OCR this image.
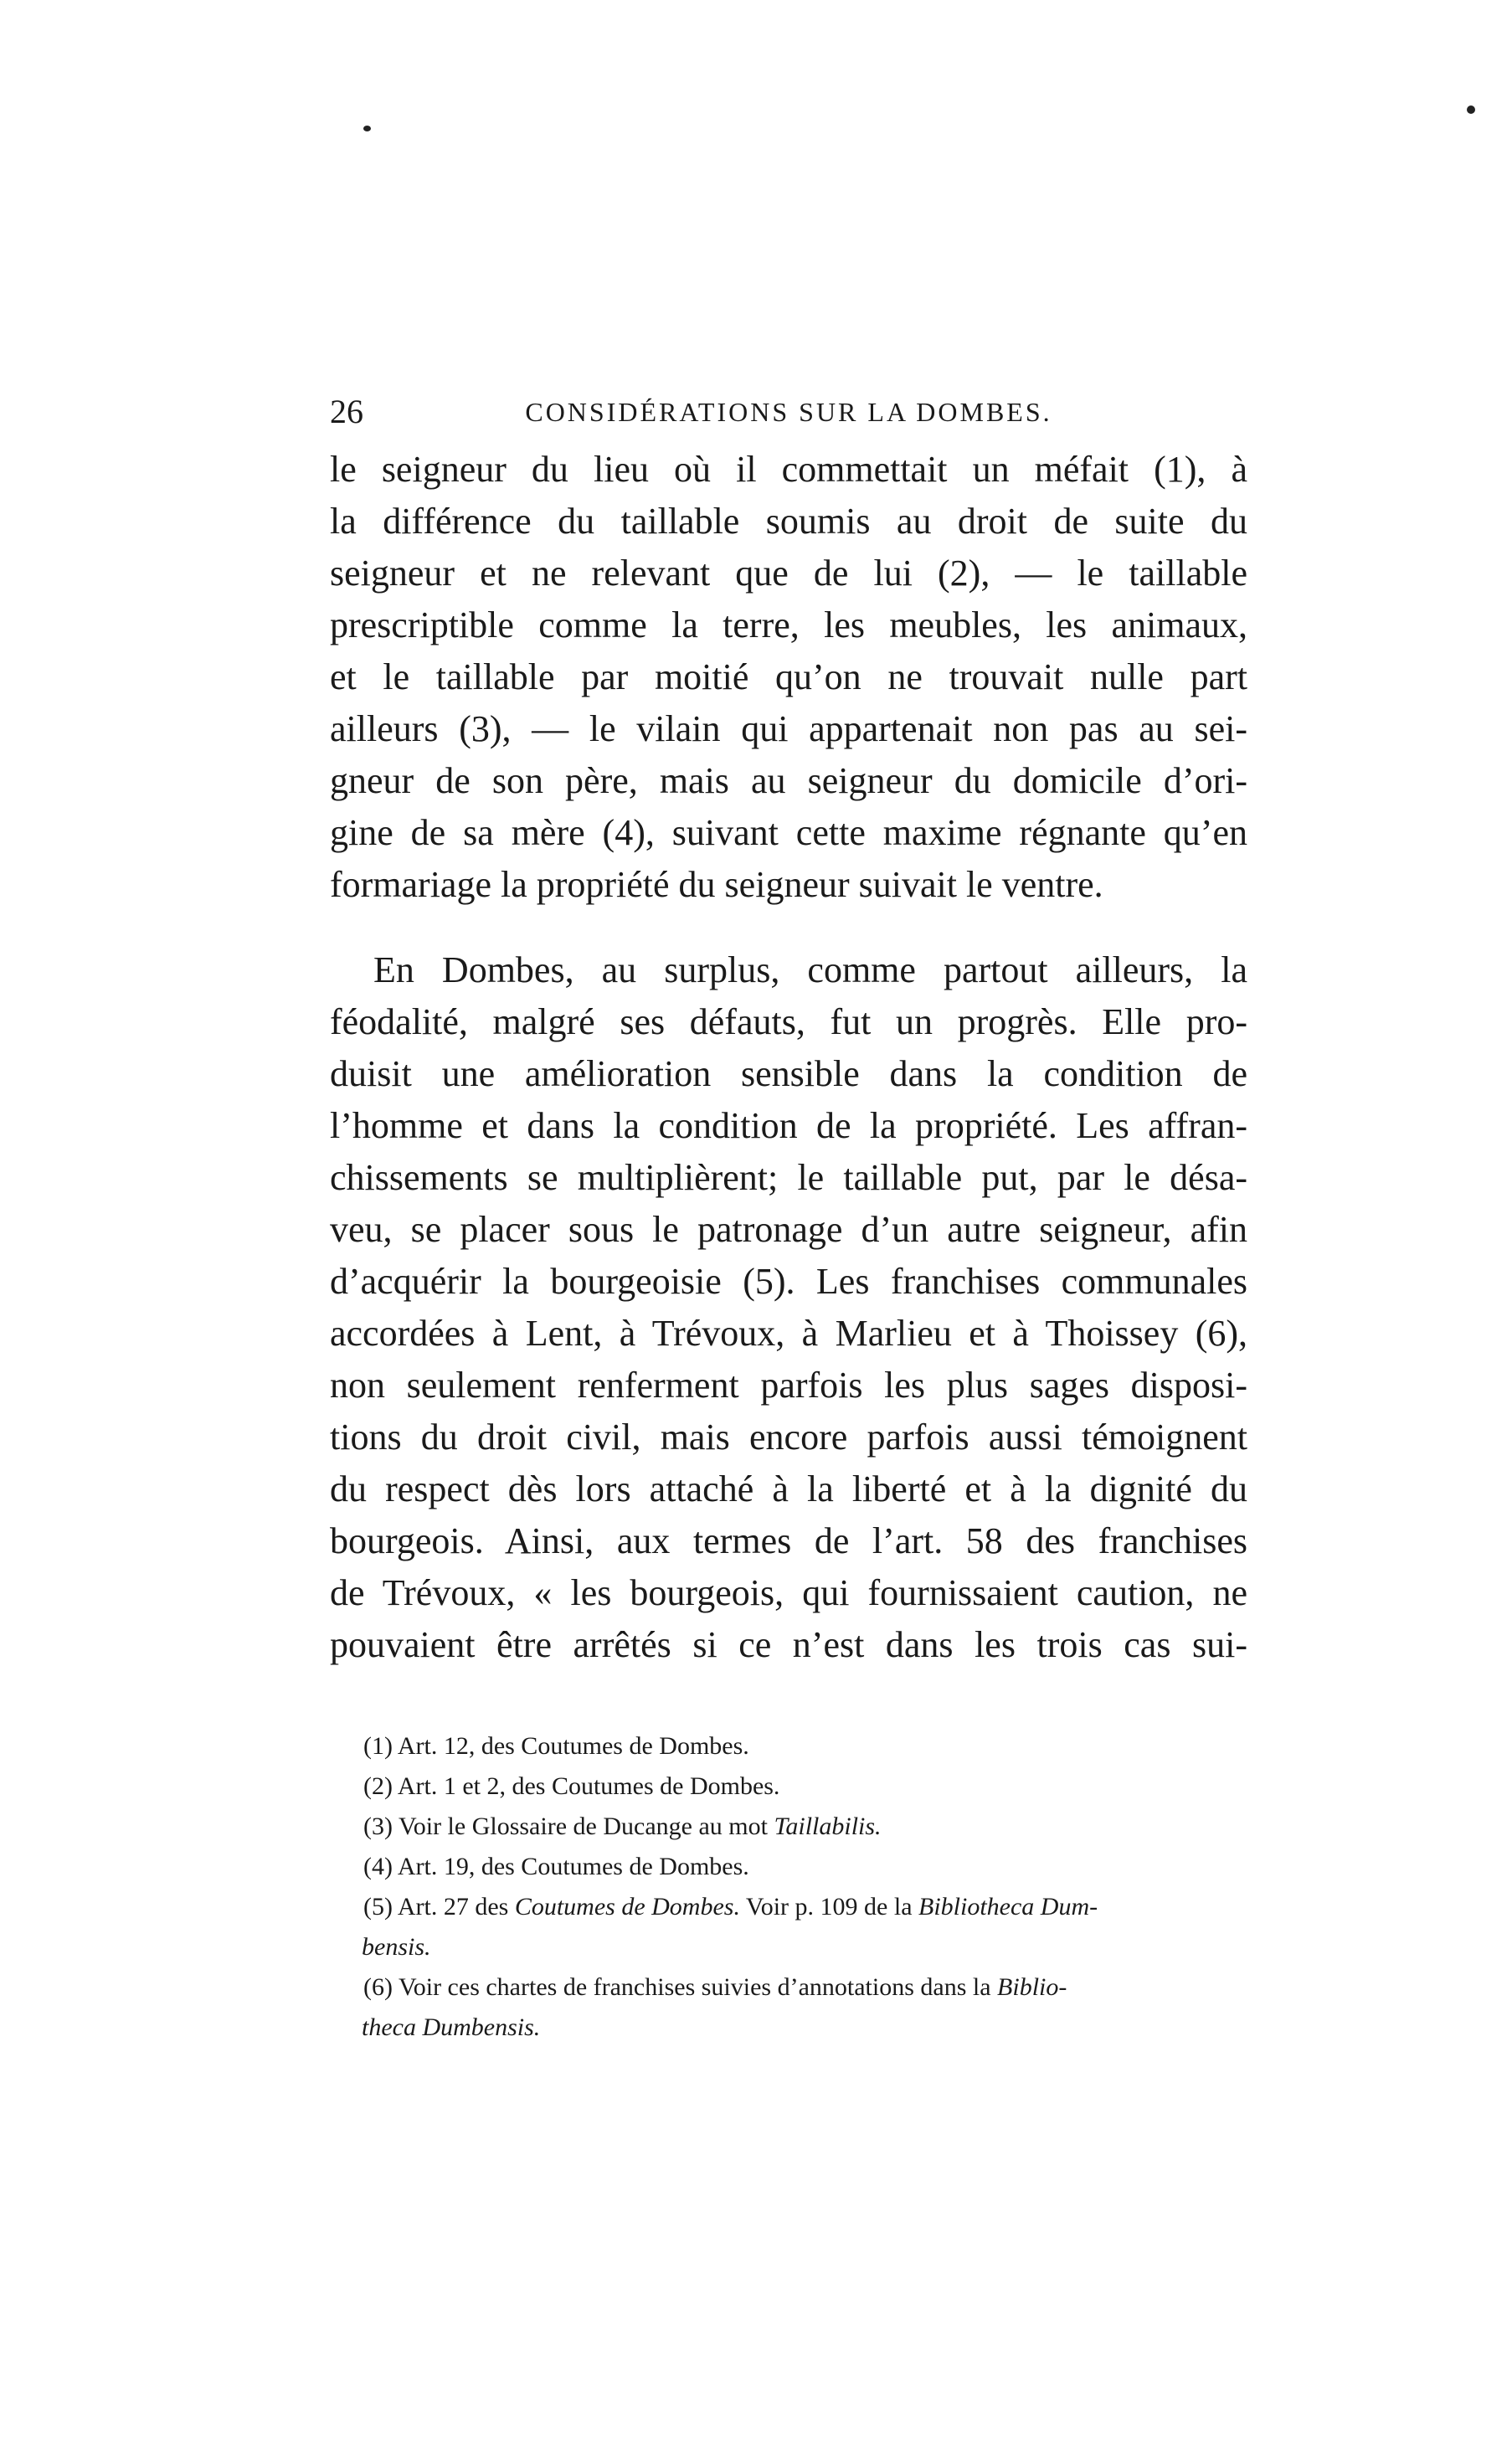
26	CONSIDÉRATIONS SUR LA DOMBES.

le seigneur du lieu où il commettait un méfait (1), à
la différence du taillable soumis au droit de suite du
seigneur et ne relevant que de lui (2), — le taillable
prescriptible comme la terre, les meubles, les animaux,
et le taillable par moitié qu’on ne trouvait nulle part
ailleurs (3), — le vilain qui appartenait non pas au sei-
gneur de son père, mais au seigneur du domicile d’ori-
gine de sa mère (4), suivant cette maxime régnante qu’en
formariage la propriété du seigneur suivait le ventre.

En Dombes, au surplus, comme partout ailleurs, la
féodalité, malgré ses défauts, fut un progrès. Elle pro-
duisit une amélioration sensible dans la condition de
l’homme et dans la condition de la propriété. Les affran-
chissements se multiplièrent; le taillable put, par le désa-
veu, se placer sous le patronage d’un autre seigneur, afin
d’acquérir la bourgeoisie (5). Les franchises communales
accordées à Lent, à Trévoux, à Marlieu et à Thoissey (6),
non seulement renferment parfois les plus sages disposi-
tions du droit civil, mais encore parfois aussi témoignent
du respect dès lors attaché à la liberté et à la dignité du
bourgeois. Ainsi, aux termes de l’art. 58 des franchises
de Trévoux, « les bourgeois, qui fournissaient caution, ne
pouvaient être arrêtés si ce n’est dans les trois cas sui-

(1) Art. 12, des Coutumes de Dombes.
(2) Art. 1 et 2, des Coutumes de Dombes.
(3) Voir le Glossaire de Ducange au mot Taillabilis.
(4) Art. 19, des Coutumes de Dombes.
(5) Art. 27 des Coutumes de Dombes. Voir p. 109 de la Bibliotheca Dum-
bensis.
(6) Voir ces chartes de franchises suivies d’annotations dans la Biblio-
theca Dumbensis.
